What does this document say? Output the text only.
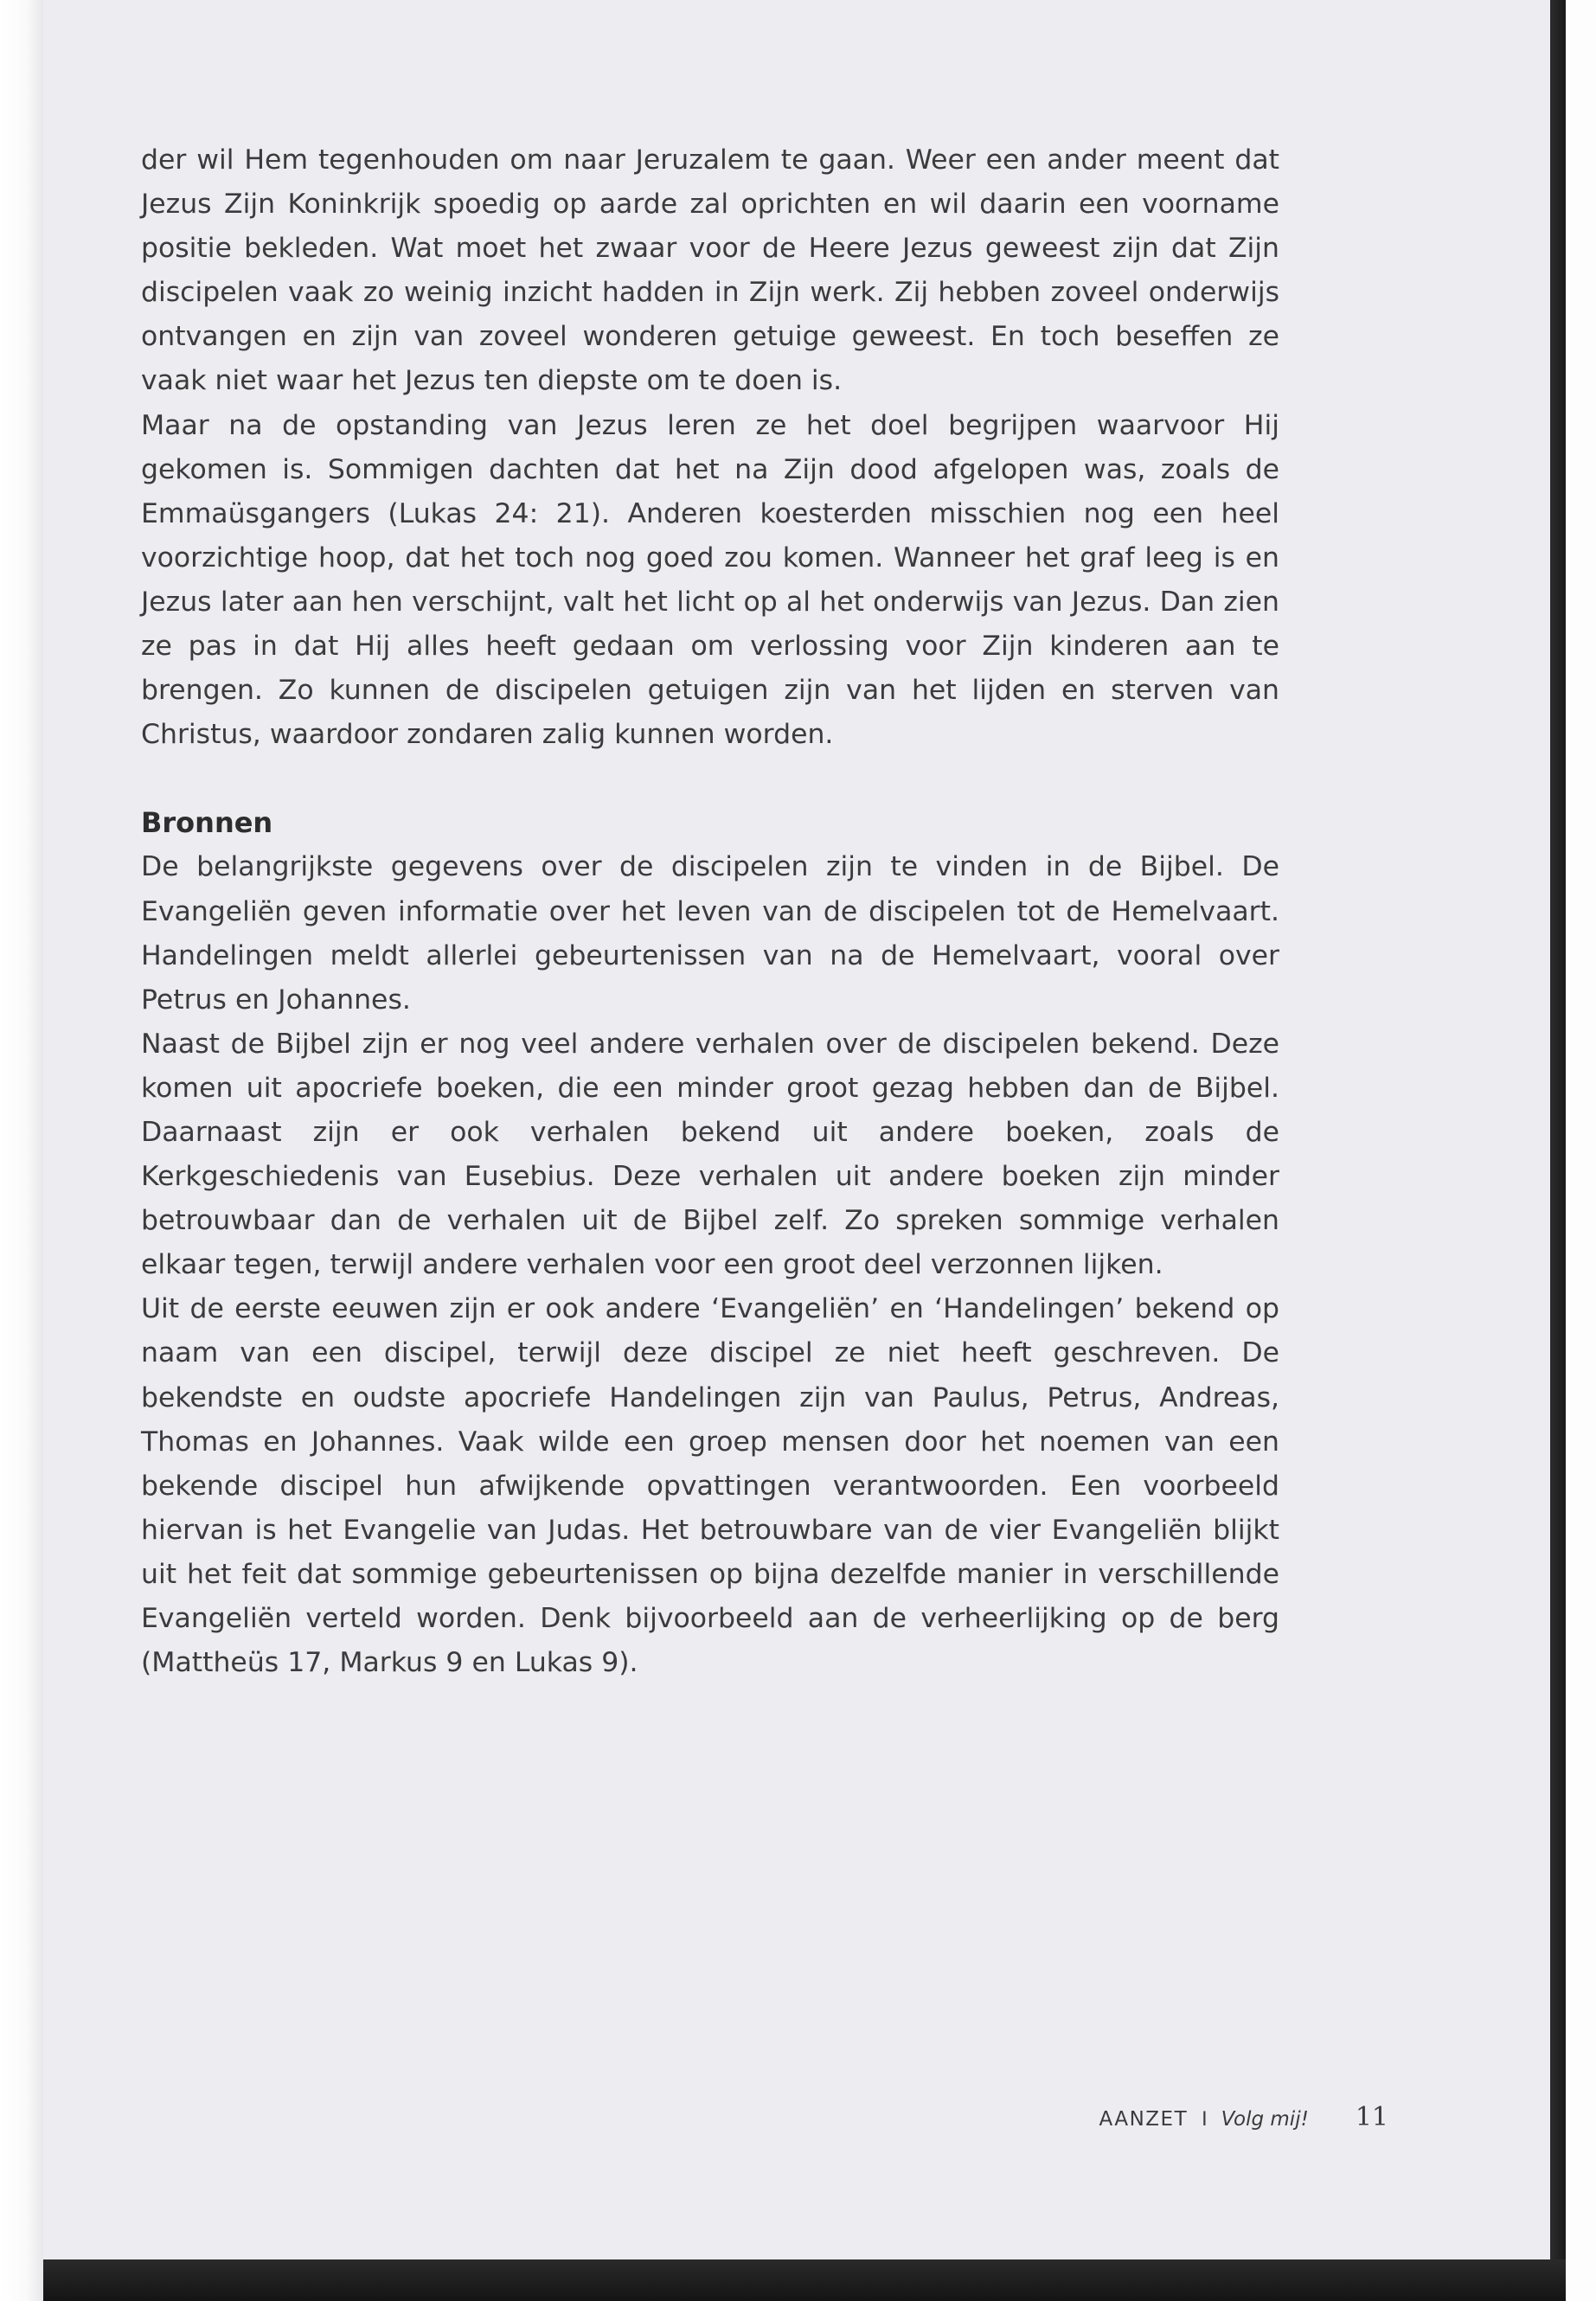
der wil Hem tegenhouden om naar Jeruzalem te gaan. Weer een ander meent dat Jezus Zijn Koninkrijk spoedig op aarde zal oprichten en wil daarin een voorname positie bekleden. Wat moet het zwaar voor de Heere Jezus geweest zijn dat Zijn discipelen vaak zo weinig inzicht hadden in Zijn werk. Zij hebben zoveel onderwijs ontvangen en zijn van zoveel wonderen getuige geweest. En toch beseffen ze vaak niet waar het Jezus ten diepste om te doen is.

Maar na de opstanding van Jezus leren ze het doel begrijpen waarvoor Hij gekomen is. Sommigen dachten dat het na Zijn dood afgelopen was, zoals de Emmaüsgangers (Lukas 24: 21). Anderen koesterden misschien nog een heel voorzichtige hoop, dat het toch nog goed zou komen. Wanneer het graf leeg is en Jezus later aan hen verschijnt, valt het licht op al het onderwijs van Jezus. Dan zien ze pas in dat Hij alles heeft gedaan om verlossing voor Zijn kinderen aan te brengen. Zo kunnen de discipelen getuigen zijn van het lijden en sterven van Christus, waardoor zondaren zalig kunnen worden.

Bronnen

De belangrijkste gegevens over de discipelen zijn te vinden in de Bijbel. De Evangeliën geven informatie over het leven van de discipelen tot de Hemelvaart. Handelingen meldt allerlei gebeurtenissen van na de Hemelvaart, vooral over Petrus en Johannes.

Naast de Bijbel zijn er nog veel andere verhalen over de discipelen bekend. Deze komen uit apocriefe boeken, die een minder groot gezag hebben dan de Bijbel. Daarnaast zijn er ook verhalen bekend uit andere boeken, zoals de Kerkgeschiedenis van Eusebius. Deze verhalen uit andere boeken zijn minder betrouwbaar dan de verhalen uit de Bijbel zelf. Zo spreken sommige verhalen elkaar tegen, terwijl andere verhalen voor een groot deel verzonnen lijken.

Uit de eerste eeuwen zijn er ook andere ‘Evangeliën’ en ‘Handelingen’ bekend op naam van een discipel, terwijl deze discipel ze niet heeft geschreven. De bekendste en oudste apocriefe Handelingen zijn van Paulus, Petrus, Andreas, Thomas en Johannes. Vaak wilde een groep mensen door het noemen van een bekende discipel hun afwijkende opvattingen verantwoorden. Een voorbeeld hiervan is het Evangelie van Judas. Het betrouwbare van de vier Evangeliën blijkt uit het feit dat sommige gebeurtenissen op bijna dezelfde manier in verschillende Evangeliën verteld worden. Denk bijvoorbeeld aan de verheerlijking op de berg (Mattheüs 17, Markus 9 en Lukas 9).

AANZET I Volg mij! 11
